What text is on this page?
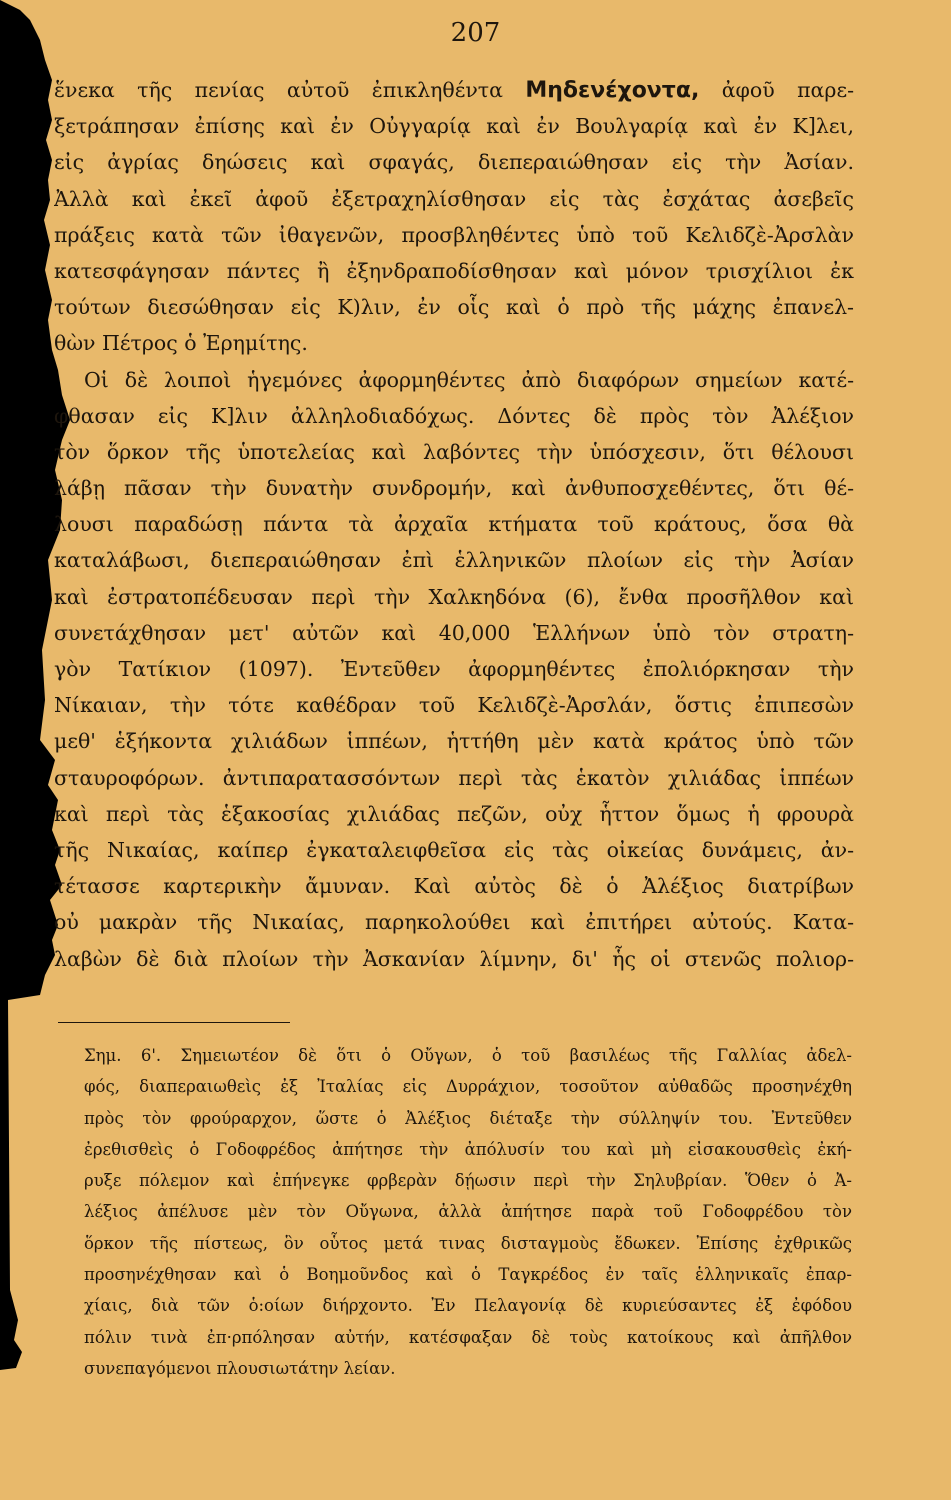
207
ἕνεκα τῆς πενίας αὐτοῦ ἐπικληθέντα Μηδενέχοντα, ἀφοῦ παρε-
ξετράπησαν ἐπίσης καὶ ἐν Οὐγγαρίᾳ καὶ ἐν Βουλγαρίᾳ καὶ ἐν Κ]λει,
εἰς ἀγρίας δηώσεις καὶ σφαγάς, διεπεραιώθησαν εἰς τὴν Ἀσίαν.
Ἀλλὰ καὶ ἐκεῖ ἀφοῦ ἐξετραχηλίσθησαν εἰς τὰς ἐσχάτας ἀσεβεῖς
πράξεις κατὰ τῶν ἰθαγενῶν, προσβληθέντες ὑπὸ τοῦ Κελιδζὲ-Ἀρσλὰν
κατεσφάγησαν πάντες ἢ ἐξηνδραποδίσθησαν καὶ μόνον τρισχίλιοι ἐκ
τούτων διεσώθησαν εἰς Κ)λιν, ἐν οἷς καὶ ὁ πρὸ τῆς μάχης ἐπανελ-
θὼν Πέτρος ὁ Ἐρημίτης.
Οἱ δὲ λοιποὶ ἡγεμόνες ἀφορμηθέντες ἀπὸ διαφόρων σημείων κατέ-
φθασαν εἰς Κ]λιν ἀλληλοδιαδόχως. Δόντες δὲ πρὸς τὸν Ἀλέξιον
τὸν ὅρκον τῆς ὑποτελείας καὶ λαβόντες τὴν ὑπόσχεσιν, ὅτι θέλουσι
λάβῃ πᾶσαν τὴν δυνατὴν συνδρομήν, καὶ ἀνθυποσχεθέντες, ὅτι θέ-
λουσι παραδώσῃ πάντα τὰ ἀρχαῖα κτήματα τοῦ κράτους, ὅσα θὰ
καταλάβωσι, διεπεραιώθησαν ἐπὶ ἑλληνικῶν πλοίων εἰς τὴν Ἀσίαν
καὶ ἐστρατοπέδευσαν περὶ τὴν Χαλκηδόνα (6), ἔνθα προσῆλθον καὶ
συνετάχθησαν μετ' αὐτῶν καὶ 40,000 Ἑλλήνων ὑπὸ τὸν στρατη-
γὸν Τατίκιον (1097). Ἐντεῦθεν ἀφορμηθέντες ἐπολιόρκησαν τὴν
Νίκαιαν, τὴν τότε καθέδραν τοῦ Κελιδζὲ-Ἀρσλάν, ὅστις ἐπιπεσὼν
μεθ' ἑξήκοντα χιλιάδων ἱππέων, ἡττήθη μὲν κατὰ κράτος ὑπὸ τῶν
σταυροφόρων. ἀντιπαρατασσόντων περὶ τὰς ἑκατὸν χιλιάδας ἱππέων
καὶ περὶ τὰς ἑξακοσίας χιλιάδας πεζῶν, οὐχ ἧττον ὅμως ἡ φρουρὰ
τῆς Νικαίας, καίπερ ἐγκαταλειφθεῖσα εἰς τὰς οἰκείας δυνάμεις, ἀν-
τέτασσε καρτερικὴν ἄμυναν. Καὶ αὐτὸς δὲ ὁ Ἀλέξιος διατρίβων
οὐ μακρὰν τῆς Νικαίας, παρηκολούθει καὶ ἐπιτήρει αὐτούς. Κατα-
λαβὼν δὲ διὰ πλοίων τὴν Ἀσκανίαν λίμνην, δι' ἧς οἱ στενῶς πολιορ-
Σημ. 6'. Σημειωτέον δὲ ὅτι ὁ Οὔγων, ὁ τοῦ βασιλέως τῆς Γαλλίας ἀδελ-
φός, διαπεραιωθεὶς ἐξ Ἰταλίας εἰς Δυρράχιον, τοσοῦτον αὐθαδῶς προσηνέχθη
πρὸς τὸν φρούραρχον, ὥστε ὁ Ἀλέξιος διέταξε τὴν σύλληψίν του. Ἐντεῦθεν
ἐρεθισθεὶς ὁ Γοδοφρέδος ἀπήτησε τὴν ἀπόλυσίν του καὶ μὴ εἰσακουσθεὶς ἐκή-
ρυξε πόλεμον καὶ ἐπήνεγκε φρβερὰν δῄωσιν περὶ τὴν Σηλυβρίαν. Ὅθεν ὁ Ἀ-
λέξιος ἀπέλυσε μὲν τὸν Οὔγωνα, ἀλλὰ ἀπήτησε παρὰ τοῦ Γοδοφρέδου τὸν
ὅρκον τῆς πίστεως, ὃν οὗτος μετά τινας δισταγμοὺς ἔδωκεν. Ἐπίσης ἐχθρικῶς
προσηνέχθησαν καὶ ὁ Βοημοῦνδος καὶ ὁ Ταγκρέδος ἐν ταῖς ἑλληνικαῖς ἐπαρ-
χίαις, διὰ τῶν ὁ:οίων διήρχοντο. Ἐν Πελαγονίᾳ δὲ κυριεύσαντες ἐξ ἐφόδου
πόλιν τινὰ ἐπ·ρπόλησαν αὐτήν, κατέσφαξαν δὲ τοὺς κατοίκους καὶ ἀπῆλθον
συνεπαγόμενοι πλουσιωτάτην λείαν.
